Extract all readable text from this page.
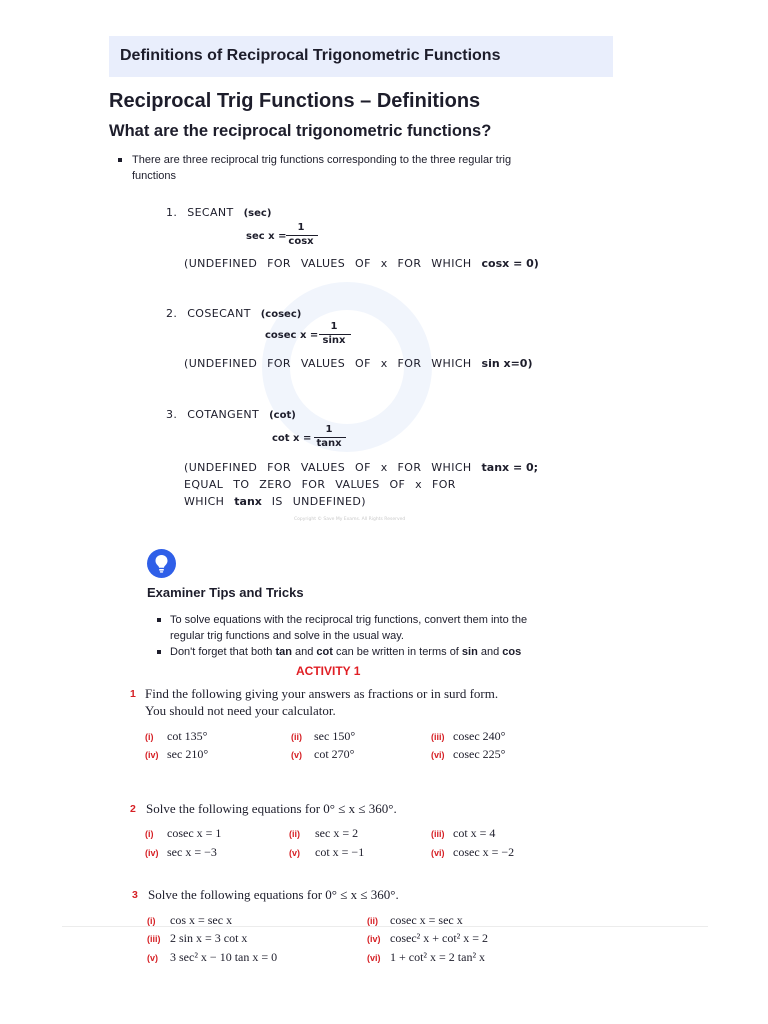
Definitions of Reciprocal Trigonometric Functions
Reciprocal Trig Functions – Definitions
What are the reciprocal trigonometric functions?
There are three reciprocal trig functions corresponding to the three regular trig
functions
1. SECANT (sec)
sec x =
1
cosx
(UNDEFINED FOR VALUES OF x FOR WHICH cosx = 0)
2. COSECANT (cosec)
cosec x =
1
sinx
(UNDEFINED FOR VALUES OF x FOR WHICH sin x=0)
3. COTANGENT (cot)
cot x =
1
tanx
(UNDEFINED FOR VALUES OF x FOR WHICH tanx = 0;
EQUAL TO ZERO FOR VALUES OF x FOR
WHICH tanx IS UNDEFINED)
Copyright © Save My Exams. All Rights Reserved
Examiner Tips and Tricks
To solve equations with the reciprocal trig functions, convert them into the
regular trig functions and solve in the usual way.
Don't forget that both tan and cot can be written in terms of sin and cos
ACTIVITY 1
1 Find the following giving your answers as fractions or in surd form.
You should not need your calculator.
(i) cot 135°	(ii) sec 150°	(iii) cosec 240°
(iv) sec 210°	(v) cot 270°	(vi) cosec 225°
2 Solve the following equations for 0° ≤ x ≤ 360°.
(i) cosec x = 1	(ii) sec x = 2	(iii) cot x = 4
(iv) sec x = −3	(v) cot x = −1	(vi) cosec x = −2
3 Solve the following equations for 0° ≤ x ≤ 360°.
(i) cos x = sec x	(ii) cosec x = sec x
(iii) 2 sin x = 3 cot x	(iv) cosec² x + cot² x = 2
(v) 3 sec² x − 10 tan x = 0	(vi) 1 + cot² x = 2 tan² x
